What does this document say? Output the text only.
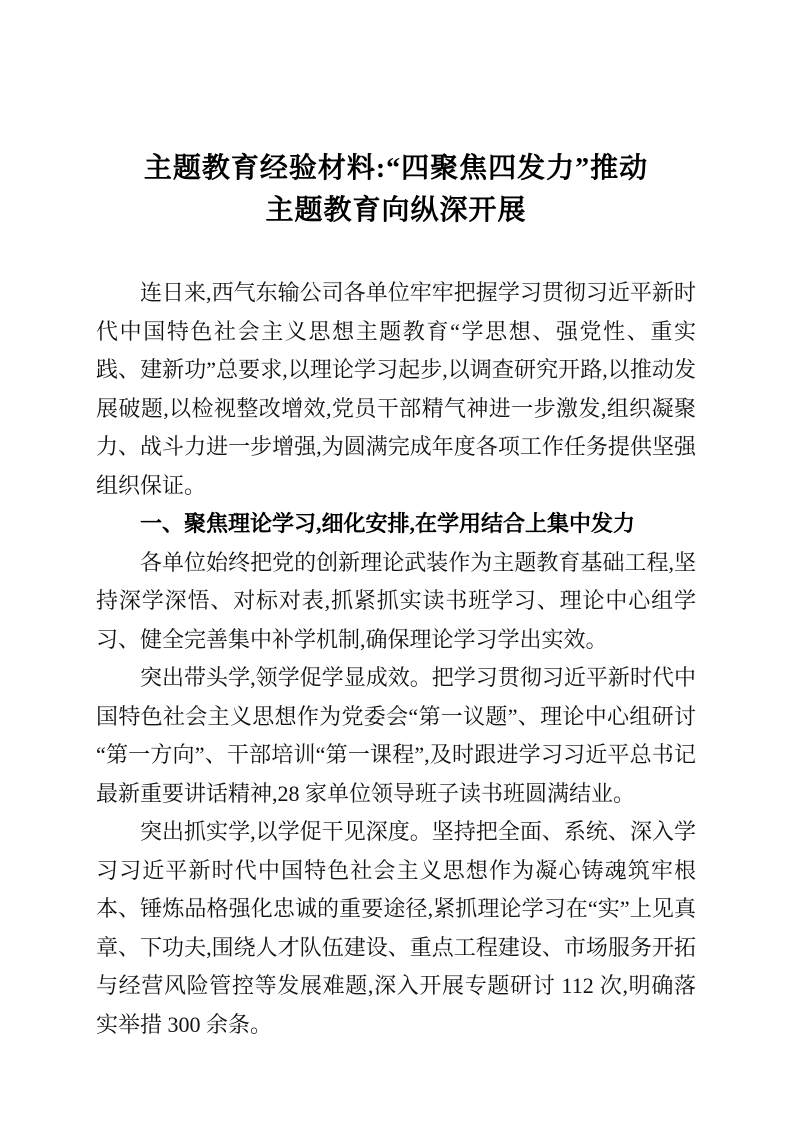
主题教育经验材料:“四聚焦四发力”推动
主题教育向纵深开展

连日来,西气东输公司各单位牢牢把握学习贯彻习近平新时代中国特色社会主义思想主题教育“学思想、强党性、重实践、建新功”总要求,以理论学习起步,以调查研究开路,以推动发展破题,以检视整改增效,党员干部精气神进一步激发,组织凝聚力、战斗力进一步增强,为圆满完成年度各项工作任务提供坚强组织保证。

一、聚焦理论学习,细化安排,在学用结合上集中发力

各单位始终把党的创新理论武装作为主题教育基础工程,坚持深学深悟、对标对表,抓紧抓实读书班学习、理论中心组学习、健全完善集中补学机制,确保理论学习学出实效。

突出带头学,领学促学显成效。把学习贯彻习近平新时代中国特色社会主义思想作为党委会“第一议题”、理论中心组研讨“第一方向”、干部培训“第一课程”,及时跟进学习习近平总书记最新重要讲话精神,28 家单位领导班子读书班圆满结业。

突出抓实学,以学促干见深度。坚持把全面、系统、深入学习习近平新时代中国特色社会主义思想作为凝心铸魂筑牢根本、锤炼品格强化忠诚的重要途径,紧抓理论学习在“实”上见真章、下功夫,围绕人才队伍建设、重点工程建设、市场服务开拓与经营风险管控等发展难题,深入开展专题研讨 112 次,明确落实举措 300 余条。
